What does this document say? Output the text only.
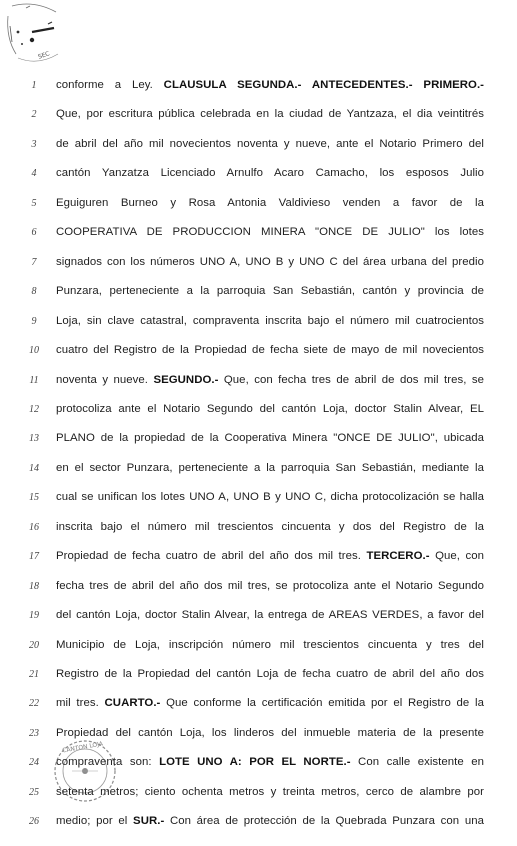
SEC
CANTON LOJA
1	conforme a Ley. CLAUSULA SEGUNDA.- ANTECEDENTES.- PRIMERO.-
2	Que, por escritura pública celebrada en la ciudad de Yantzaza, el dia veintitrés
3	de abril del año mil novecientos noventa y nueve, ante el Notario Primero del
4	cantón Yanzatza Licenciado Arnulfo Acaro Camacho, los esposos Julio
5	Eguiguren Burneo y Rosa Antonia Valdivieso venden a favor de la
6	COOPERATIVA DE PRODUCCION MINERA "ONCE DE JULIO" los lotes
7	signados con los números UNO A, UNO B y UNO C del área urbana del predio
8	Punzara, perteneciente a la parroquia San Sebastián, cantón y provincia de
9	Loja, sin clave catastral, compraventa inscrita bajo el número mil cuatrocientos
10	cuatro del Registro de la Propiedad de fecha siete de mayo de mil novecientos
11	noventa y nueve. SEGUNDO.- Que, con fecha tres de abril de dos mil tres, se
12	protocoliza ante el Notario Segundo del cantón Loja, doctor Stalin Alvear, EL
13	PLANO de la propiedad de la Cooperativa Minera "ONCE DE JULIO", ubicada
14	en el sector Punzara, perteneciente a la parroquia San Sebastián, mediante la
15	cual se unifican los lotes UNO A, UNO B y UNO C, dicha protocolización se halla
16	inscrita bajo el número mil trescientos cincuenta y dos del Registro de la
17	Propiedad de fecha cuatro de abril del año dos mil tres. TERCERO.- Que, con
18	fecha tres de abril del año dos mil tres, se protocoliza ante el Notario Segundo
19	del cantón Loja, doctor Stalin Alvear, la entrega de AREAS VERDES, a favor del
20	Municipio de Loja, inscripción número mil trescientos cincuenta y tres del
21	Registro de la Propiedad del cantón Loja de fecha cuatro de abril del año dos
22	mil tres. CUARTO.- Que conforme la certificación emitida por el Registro de la
23	Propiedad del cantón Loja, los linderos del inmueble materia de la presente
24	compraventa son: LOTE UNO A: POR EL NORTE.- Con calle existente en
25	setenta metros; ciento ochenta metros y treinta metros, cerco de alambre por
26	medio; por el SUR.- Con área de protección de la Quebrada Punzara con una
